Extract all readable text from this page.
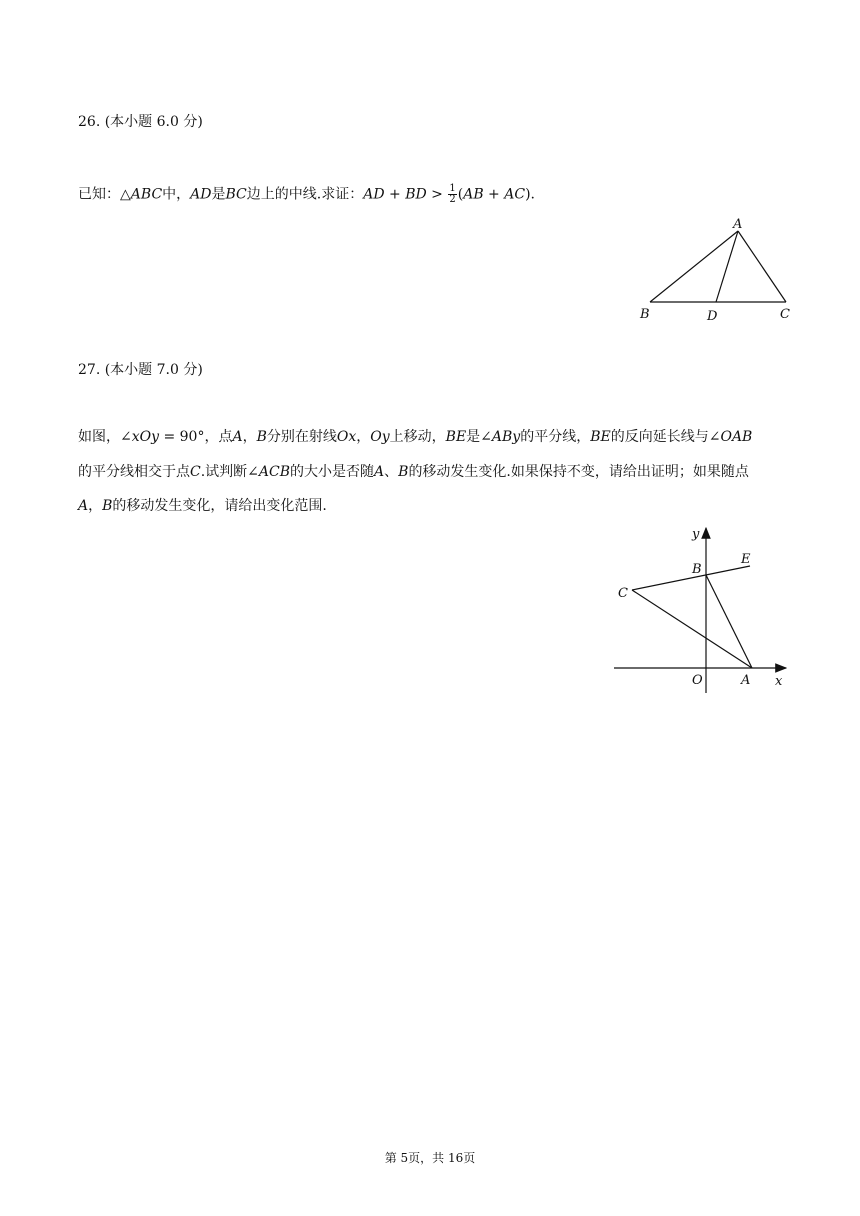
26. (本小题 6.0 分)
已知：△ABC中，AD是BC边上的中线.求证：AD + BD > $\frac{1}{2} (AB + AC)$.
A
B	C
D
27. (本小题 7.0 分)
如图，∠xOy = 90°，点A，B分别在射线Ox，Oy上移动，BE是∠ABy的平分线，BE的反向延长线与∠OAB
的平分线相交于点C.试判断∠ACB的大小是否随A、B的移动发生变化.如果保持不变，请给出证明；如果随点
A，B的移动发生变化，请给出变化范围.
y
x
O	A
B
C
E
第 5页，共 16页
